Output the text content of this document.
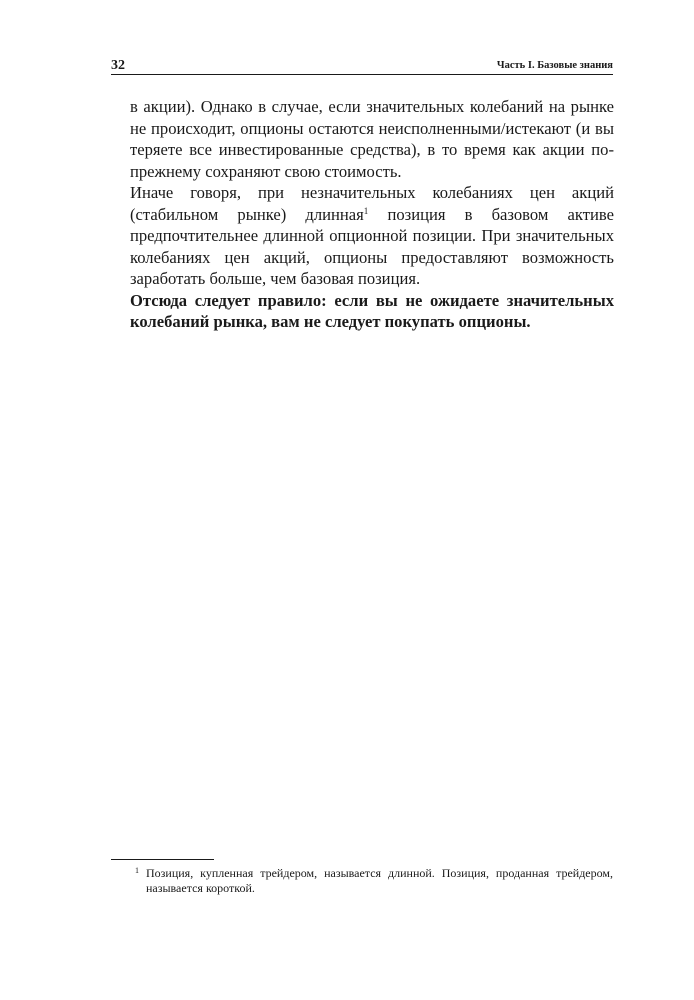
32	Часть I. Базовые знания

в акции). Однако в случае, если значительных колебаний на рынке не происходит, опционы остаются неисполненными/истекают (и вы теряете все инвестированные средства), в то время как акции по-прежнему сохраняют свою стоимость.

Иначе говоря, при незначительных колебаниях цен акций (стабильном рынке) длинная$^1$ позиция в базовом активе предпочтительнее длинной опционной позиции. При значительных колебаниях цен акций, опционы предоставляют возможность заработать больше, чем базовая позиция.

Отсюда следует правило: если вы не ожидаете значительных колебаний рынка, вам не следует покупать опционы.

1 Позиция, купленная трейдером, называется длинной. Позиция, проданная трейдером, называется короткой.
